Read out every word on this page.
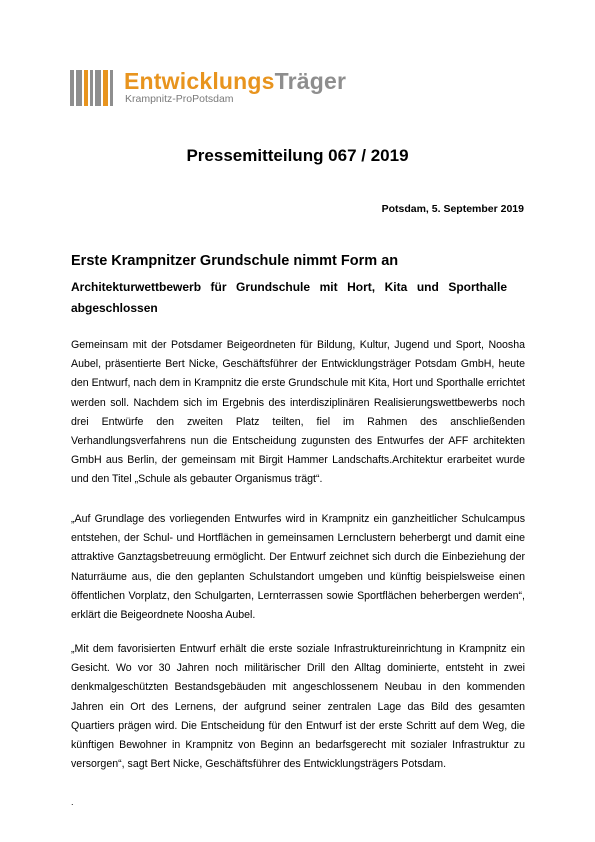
EntwicklungsTräger
Krampnitz-ProPotsdam
Pressemitteilung 067 / 2019
Potsdam, 5. September 2019
Erste Krampnitzer Grundschule nimmt Form an
Architekturwettbewerb für Grundschule mit Hort, Kita und Sporthalle abgeschlossen
Gemeinsam mit der Potsdamer Beigeordneten für Bildung, Kultur, Jugend und Sport, Noosha Aubel, präsentierte Bert Nicke, Geschäftsführer der Entwicklungsträger Potsdam GmbH, heute den Entwurf, nach dem in Krampnitz die erste Grundschule mit Kita, Hort und Sporthalle errichtet werden soll. Nachdem sich im Ergebnis des interdisziplinären Realisierungswettbewerbs noch drei Entwürfe den zweiten Platz teilten, fiel im Rahmen des anschließenden Verhandlungsverfahrens nun die Entscheidung zugunsten des Entwurfes der AFF architekten GmbH aus Berlin, der gemeinsam mit Birgit Hammer Landschafts.Architektur erarbeitet wurde und den Titel „Schule als gebauter Organismus trägt“.
„Auf Grundlage des vorliegenden Entwurfes wird in Krampnitz ein ganzheitlicher Schulcampus entstehen, der Schul- und Hortflächen in gemeinsamen Lernclustern beherbergt und damit eine attraktive Ganztagsbetreuung ermöglicht. Der Entwurf zeichnet sich durch die Einbeziehung der Naturräume aus, die den geplanten Schulstandort umgeben und künftig beispielsweise einen öffentlichen Vorplatz, den Schulgarten, Lernterrassen sowie Sportflächen beherbergen werden“, erklärt die Beigeordnete Noosha Aubel.
„Mit dem favorisierten Entwurf erhält die erste soziale Infrastruktureinrichtung in Krampnitz ein Gesicht. Wo vor 30 Jahren noch militärischer Drill den Alltag dominierte, entsteht in zwei denkmalgeschützten Bestandsgebäuden mit angeschlossenem Neubau in den kommenden Jahren ein Ort des Lernens, der aufgrund seiner zentralen Lage das Bild des gesamten Quartiers prägen wird. Die Entscheidung für den Entwurf ist der erste Schritt auf dem Weg, die künftigen Bewohner in Krampnitz von Beginn an bedarfsgerecht mit sozialer Infrastruktur zu versorgen“, sagt Bert Nicke, Geschäftsführer des Entwicklungsträgers Potsdam.
.
